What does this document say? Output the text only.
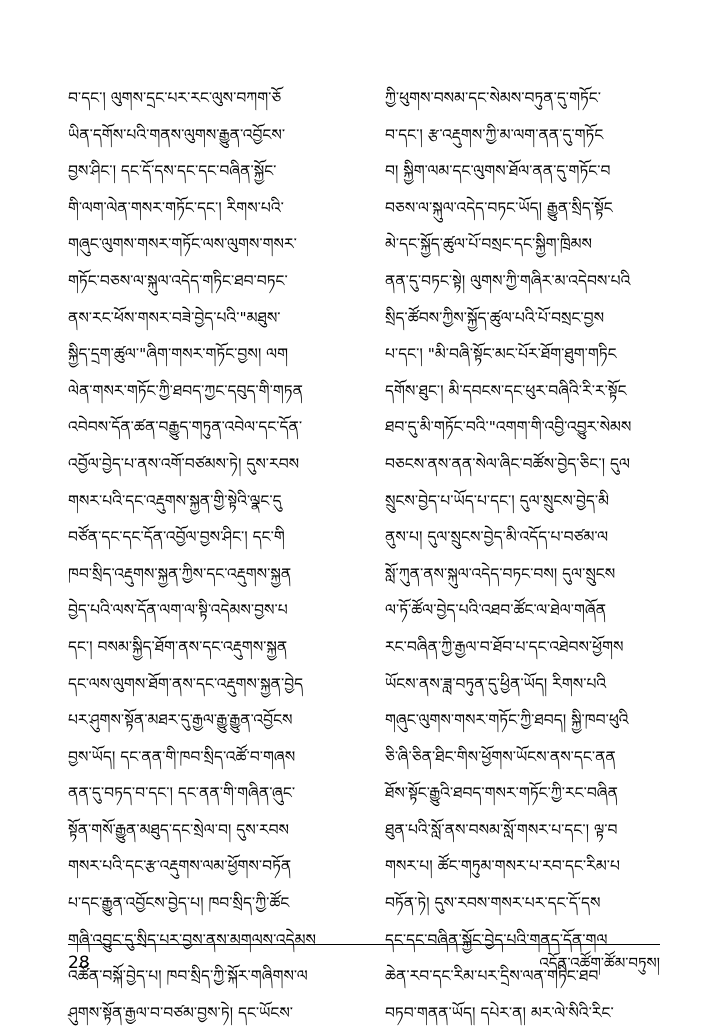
བ་དང་། ལུགས་དྲང་པར་རང་ལུས་བཀག་ཅོ
ཡིན་དགོས་པའི་གནས་ལུགས་རྒྱུན་འབྱོངས་
བྱས་ཤིང་། དང་དོ་དས་དང་དང་བཞིན་སྐྱོང་
གི་ལག་ལེན་གསར་གཏོང་དང་། རིགས་པའི་
གཞུང་ལུགས་གསར་གཏོང་ལས་ལུགས་གསར་
གཏོང་བཅས་ལ་སྐུལ་འདེད་གཏིང་ཐབ་བཏང་
ནས་རང་ཕོས་གསར་བཟེ་བྱེད་པའི་"མཐུས་
སྐྱིད་དྲག་ཚུལ་"ཞིག་གསར་གཏོང་བྱས། ལག
ལེན་གསར་གཏོང་ཀྱི་ཐབད་ཀྱང་དབུད་གི་གཏན
འབེབས་དོན་ཚན་བརྒྱུད་གཏུན་འབེལ་དང་དོན་
འབྱོལ་བྱེད་པ་ནས་འགོ་བཙམས་ཏེ། དུས་རབས
གསར་པའི་དང་འརྡུགས་སྐྱན་གྱི་སྟེའི་ལྣང་དུ
བཙོན་དང་དང་དོན་འབྱོལ་བྱས་ཤིང་། དང་གི
ཁབ་སྲིད་འརྡུགས་སྐྱན་ཀྱིས་དང་འརྡུགས་སྐྱན
བྱེད་པའི་ལས་དོན་ལག་ལ་སྟི་འདེམས་བྱས་པ
དང་། བསམ་སྐྱིད་ཐོག་ནས་དང་འརྡུགས་སྐྱན
དང་ལས་ལུགས་ཐོག་ནས་དང་འརྡུགས་སྐྱན་བྱེད
པར་ཤུགས་སྟོན་མཐར་དུ་རྒྱལ་རྒྱུ་རྒྱུན་འབྱོངས
བྱས་ཡོད། དང་ནན་གི་ཁབ་སྲིད་འཚོ་བ་གཞས
ནན་དུ་བཏད་བ་དང་། དང་ནན་གི་གཞིན་ཞུང་
སྟོན་གསོ་རྒྱུན་མཐུད་དང་སྲེལ་བ། དུས་རབས
གསར་པའི་དང་རྩ་འརྡུགས་ལམ་ཕྱོགས་བཏོན
པ་དང་རྒྱུན་འབྱོངས་བྱེད་པ། ཁབ་སྲིད་ཀྱི་ཚོང
གཞི་འབྱུང་དུ་སྲིད་པར་བྱས་ནས་མགལས་འདེམས
འཚོན་བསྐོ་བྱེད་པ། ཁབ་སྲིད་ཀྱི་སྐོར་གཞིགས་ལ
ཤུགས་སྟོན་རྒྱལ་བ་བཙམ་བྱས་ཏེ། དང་ཡོངས་
ཀྱི་ཕུགས་བསམ་དང་སེམས་བཏུན་དུ་གཏོང་
བ་དང་། རྩ་འརྡུགས་ཀྱི་མ་ལག་ནན་དུ་གཏོང
བ། སྐྱིག་ལམ་དང་ལུགས་ཐོལ་ནན་དུ་གཏོང་བ
བཅས་ལ་སྐུལ་འདེད་བཏང་ཡོད། རྒྱུན་སྲིད་སྟོང
མེ་དང་སྐྱོད་ཚུལ་པོ་བསྲང་དང་སྐྱིག་ཁྲིམས
ནན་དུ་བཏང་སྟེ། ལུགས་ཀྱི་གཞིར་མ་འདེབས་པའི
སྲིད་ཚོབས་ཀྱིས་སྐྱོད་ཚུལ་པའི་པོ་བསྲང་བྱས
པ་དང་། "མི་བཞི་སྟོང་མང་པོར་ཐོག་ཐུག་གཏིང
དགོས་ཐུང་། མི་དབངས་དང་ཕུར་བཞིའི་རི་ར་སྟོང
ཐབ་དུ་མི་གཏོང་བའི་"འགག་གི་འབྱི་འབྱུར་སེམས
བཅངས་ནས་ནན་སེལ་ཞིང་བཚོས་བྱེད་ཅིང་། དུལ
སྲུངས་བྱེད་པ་ཡོད་པ་དང་། དུལ་སྲུངས་བྱེད་མི
ནུས་པ། དུལ་སྲུངས་བྱེད་མི་འདོད་པ་བཙམ་ལ
སློ་ཀུན་ནས་སྐུལ་འདེད་བཏང་བས། དུལ་སྲུངས
ལ་ཏོ་ཚོལ་བྱེད་པའི་འཐབ་ཚོང་ལ་ཐེལ་གཞོན
རང་བཞིན་ཀྱི་རྒྱལ་བ་ཐོབ་པ་དང་འཐེབས་ཕྱོགས
ཡོངས་ནས་ཟླ་བཏུན་དུ་ཕྱིན་ཡོད། རིགས་པའི
གཞུང་ལུགས་གསར་གཏོང་ཀྱི་ཐབད། སྐྱི་ཁབ་ཕུའི
ཅི་ཞི་ཅིན་ཐིང་གིས་ཕྱོགས་ཡོངས་ནས་དང་ནན
ཐོས་སྟོང་རྒྱུའི་ཐབད་གསར་གཏོང་ཀྱི་རང་བཞིན
ཐུན་པའི་སློ་ནས་བསམ་སློ་གསར་པ་དང་། ལྟ་བ
གསར་པ། ཚོང་གཏུམ་གསར་པ་རབ་དང་རིམ་པ
བཏོན་ཏེ། དུས་རབས་གསར་པར་དང་དོ་དས
དང་དང་བཞིན་སྐྱོང་བྱེད་པའི་གནད་དོན་གལ
ཆེན་རབ་དང་རིམ་པར་དྲིས་ལན་གཏིང་ཐབ
བཏབ་གནན་ཡོད། དཔེར་ན། མར་ལེ་སིའི་རིང་
28	འདོན་འཚོག་ཚོམ་བཏུས།
